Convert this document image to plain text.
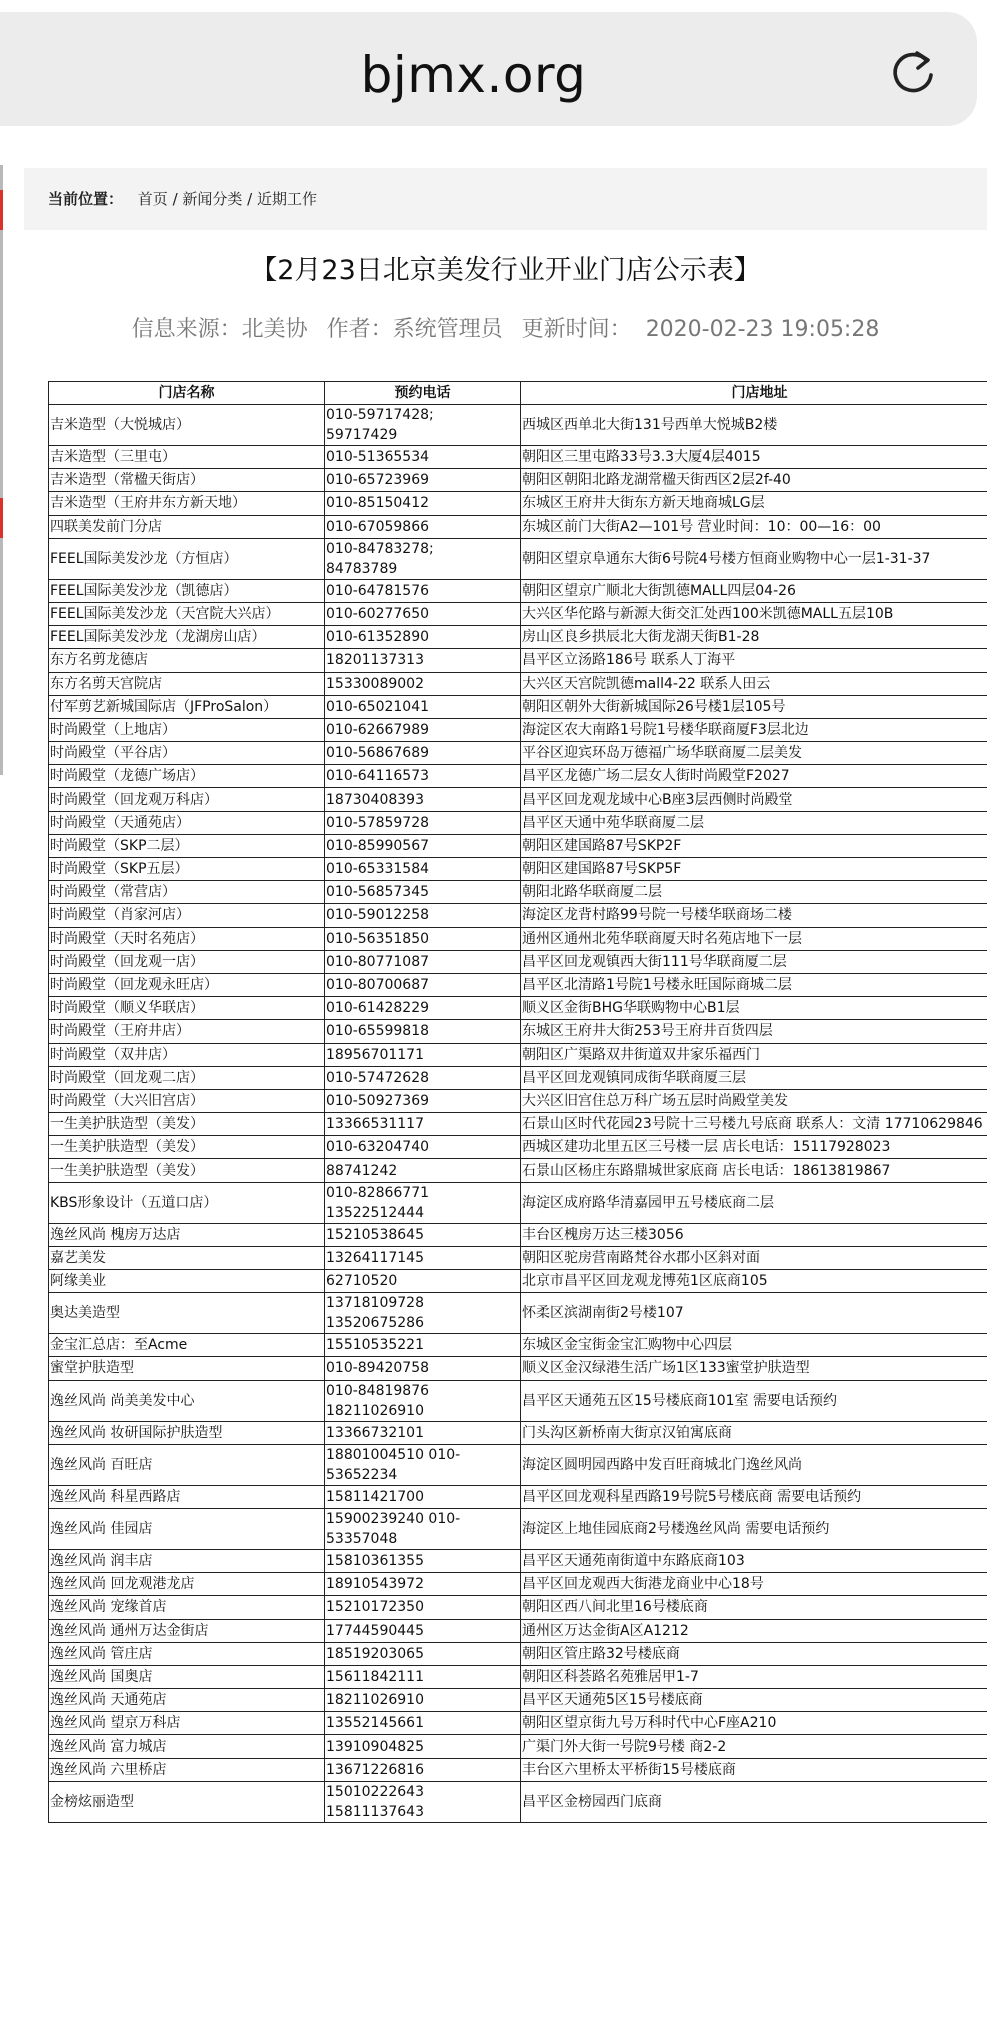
bjmx.org
当前位置： 首页 / 新闻分类 / 近期工作
【2月23日北京美发行业开业门店公示表】
信息来源：北美协 作者：系统管理员 更新时间： 2020-02-23 19:05:28
门店名称	预约电话	门店地址
吉米造型（大悦城店）	010-59717428;
59717429	西城区西单北大街131号西单大悦城B2楼
吉米造型（三里屯）	010-51365534	朝阳区三里屯路33号3.3大厦4层4015
吉米造型（常楹天街店）	010-65723969	朝阳区朝阳北路龙湖常楹天街西区2层2f-40
吉米造型（王府井东方新天地）	010-85150412	东城区王府井大街东方新天地商城LG层
四联美发前门分店	010-67059866	东城区前门大街A2—101号 营业时间：10：00—16：00
FEEL国际美发沙龙（方恒店）	010-84783278;
84783789	朝阳区望京阜通东大街6号院4号楼方恒商业购物中心一层1-31-37
FEEL国际美发沙龙（凯德店）	010-64781576	朝阳区望京广顺北大街凯德MALL四层04-26
FEEL国际美发沙龙（天宫院大兴店）	010-60277650	大兴区华佗路与新源大街交汇处西100米凯德MALL五层10B
FEEL国际美发沙龙（龙湖房山店）	010-61352890	房山区良乡拱辰北大街龙湖天街B1-28
东方名剪龙德店	18201137313	昌平区立汤路186号 联系人丁海平
东方名剪天宫院店	15330089002	大兴区天宫院凯德mall4-22 联系人田云
付军剪艺新城国际店（JFProSalon）	010-65021041	朝阳区朝外大街新城国际26号楼1层105号
时尚殿堂（上地店）	010-62667989	海淀区农大南路1号院1号楼华联商厦F3层北边
时尚殿堂（平谷店）	010-56867689	平谷区迎宾环岛万德福广场华联商厦二层美发
时尚殿堂（龙德广场店）	010-64116573	昌平区龙德广场二层女人街时尚殿堂F2027
时尚殿堂（回龙观万科店）	18730408393	昌平区回龙观龙域中心B座3层西侧时尚殿堂
时尚殿堂（天通苑店）	010-57859728	昌平区天通中苑华联商厦二层
时尚殿堂（SKP二层）	010-85990567	朝阳区建国路87号SKP2F
时尚殿堂（SKP五层）	010-65331584	朝阳区建国路87号SKP5F
时尚殿堂（常营店）	010-56857345	朝阳北路华联商厦二层
时尚殿堂（肖家河店）	010-59012258	海淀区龙背村路99号院一号楼华联商场二楼
时尚殿堂（天时名苑店）	010-56351850	通州区通州北苑华联商厦天时名苑店地下一层
时尚殿堂（回龙观一店）	010-80771087	昌平区回龙观镇西大街111号华联商厦二层
时尚殿堂（回龙观永旺店）	010-80700687	昌平区北清路1号院1号楼永旺国际商城二层
时尚殿堂（顺义华联店）	010-61428229	顺义区金街BHG华联购物中心B1层
时尚殿堂（王府井店）	010-65599818	东城区王府井大街253号王府井百货四层
时尚殿堂（双井店）	18956701171	朝阳区广渠路双井街道双井家乐福西门
时尚殿堂（回龙观二店）	010-57472628	昌平区回龙观镇同成街华联商厦三层
时尚殿堂（大兴旧宫店）	010-50927369	大兴区旧宫住总万科广场五层时尚殿堂美发
一生美护肤造型（美发）	13366531117	石景山区时代花园23号院十三号楼九号底商 联系人：文清 17710629846
一生美护肤造型（美发）	010-63204740	西城区建功北里五区三号楼一层 店长电话：15117928023
一生美护肤造型（美发）	88741242	石景山区杨庄东路鼎城世家底商 店长电话：18613819867
KBS形象设计（五道口店）	010-82866771
13522512444	海淀区成府路华清嘉园甲五号楼底商二层
逸丝风尚 槐房万达店	15210538645	丰台区槐房万达三楼3056
嘉艺美发	13264117145	朝阳区驼房营南路梵谷水郡小区斜对面
阿缘美业	62710520	北京市昌平区回龙观龙博苑1区底商105
奥达美造型	13718109728
13520675286	怀柔区滨湖南街2号楼107
金宝汇总店：至Acme	15510535221	东城区金宝街金宝汇购物中心四层
蜜堂护肤造型	010-89420758	顺义区金汉绿港生活广场1区133蜜堂护肤造型
逸丝风尚 尚美美发中心	010-84819876
18211026910	昌平区天通苑五区15号楼底商101室 需要电话预约
逸丝风尚 妆研国际护肤造型	13366732101	门头沟区新桥南大街京汉铂寓底商
逸丝风尚 百旺店	18801004510 010-
53652234	海淀区圆明园西路中发百旺商城北门逸丝风尚
逸丝风尚 科星西路店	15811421700	昌平区回龙观科星西路19号院5号楼底商 需要电话预约
逸丝风尚 佳园店	15900239240 010-
53357048	海淀区上地佳园底商2号楼逸丝风尚 需要电话预约
逸丝风尚 润丰店	15810361355	昌平区天通苑南街道中东路底商103
逸丝风尚 回龙观港龙店	18910543972	昌平区回龙观西大街港龙商业中心18号
逸丝风尚 宠缘首店	15210172350	朝阳区西八间北里16号楼底商
逸丝风尚 通州万达金街店	17744590445	通州区万达金街A区A1212
逸丝风尚 管庄店	18519203065	朝阳区管庄路32号楼底商
逸丝风尚 国奥店	15611842111	朝阳区科荟路名苑雅居甲1-7
逸丝风尚 天通苑店	18211026910	昌平区天通苑5区15号楼底商
逸丝风尚 望京万科店	13552145661	朝阳区望京街九号万科时代中心F座A210
逸丝风尚 富力城店	13910904825	广渠门外大街一号院9号楼 商2-2
逸丝风尚 六里桥店	13671226816	丰台区六里桥太平桥街15号楼底商
金榜炫丽造型	15010222643
15811137643	昌平区金榜园西门底商
